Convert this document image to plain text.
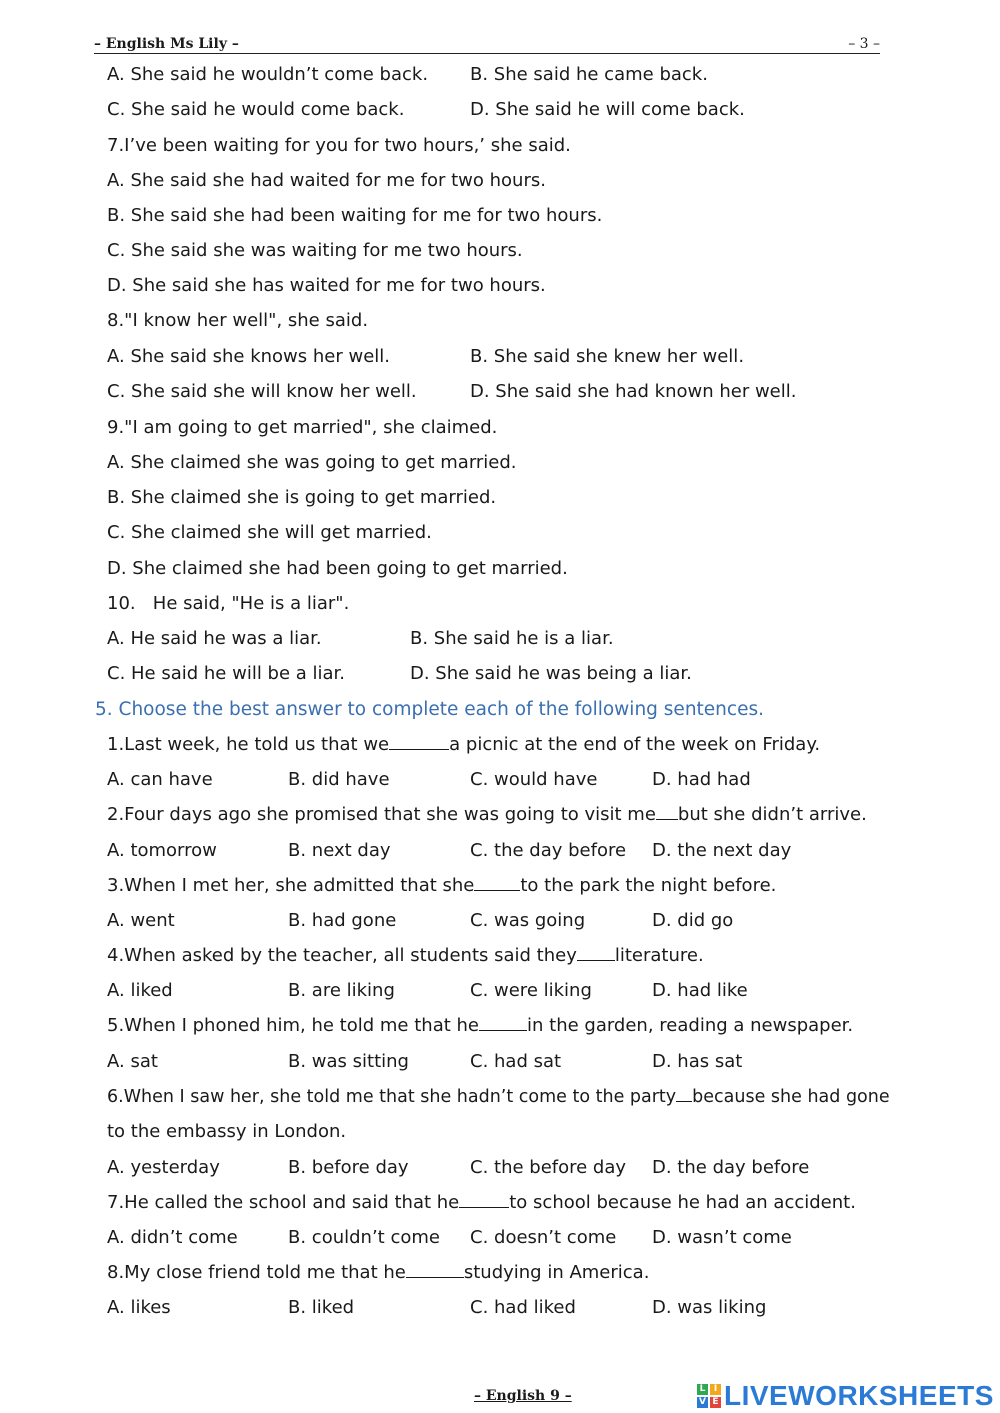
– English Ms Lily –	– 3 –
A. She said he wouldn’t come back. B. She said he came back.
C. She said he would come back.	D. She said he will come back.
7.I’ve been waiting for you for two hours,’ she said.
A. She said she had waited for me for two hours.
B. She said she had been waiting for me for two hours.
C. She said she was waiting for me two hours.
D. She said she has waited for me for two hours.
8."I know her well", she said.
A. She said she knows her well.	B. She said she knew her well.
C. She said she will know her well.	D. She said she had known her well.
9."I am going to get married", she claimed.
A. She claimed she was going to get married.
B. She claimed she is going to get married.
C. She claimed she will get married.
D. She claimed she had been going to get married.
10.   He said, "He is a liar".
A. He said he was a liar.	B. She said he is a liar.
C. He said he will be a liar.	D. She said he was being a liar.
5. Choose the best answer to complete each of the following sentences.
1.Last week, he told us that we	a picnic at the end of the week on Friday.
A. can have	B. did have	C. would have	D. had had
2.Four days ago she promised that she was going to visit me but she didn’t arrive.
A. tomorrow	B. next day	C. the day before D. the next day
3.When I met her, she admitted that she	to the park the night before.
A. went	B. had gone	C. was going	D. did go
4.When asked by the teacher, all students said they literature.
A. liked	B. are liking	C. were liking	D. had like
5.When I phoned him, he told me that he	in the garden, reading a newspaper.
A. sat	B. was sitting	C. had sat	D. has sat
6.When I saw her, she told me that she hadn’t come to the party because she had gone
to the embassy in London.
A. yesterday	B. before day	C. the before day D. the day before
7.He called the school and said that he	to school because he had an accident.
A. didn’t come	B. couldn’t come C. doesn’t come D. wasn’t come
8.My close friend told me that he	studying in America.
A. likes	B. liked	C. had liked	D. was liking
– English 9 –	L I
V E LIVEWORKSHEETS
